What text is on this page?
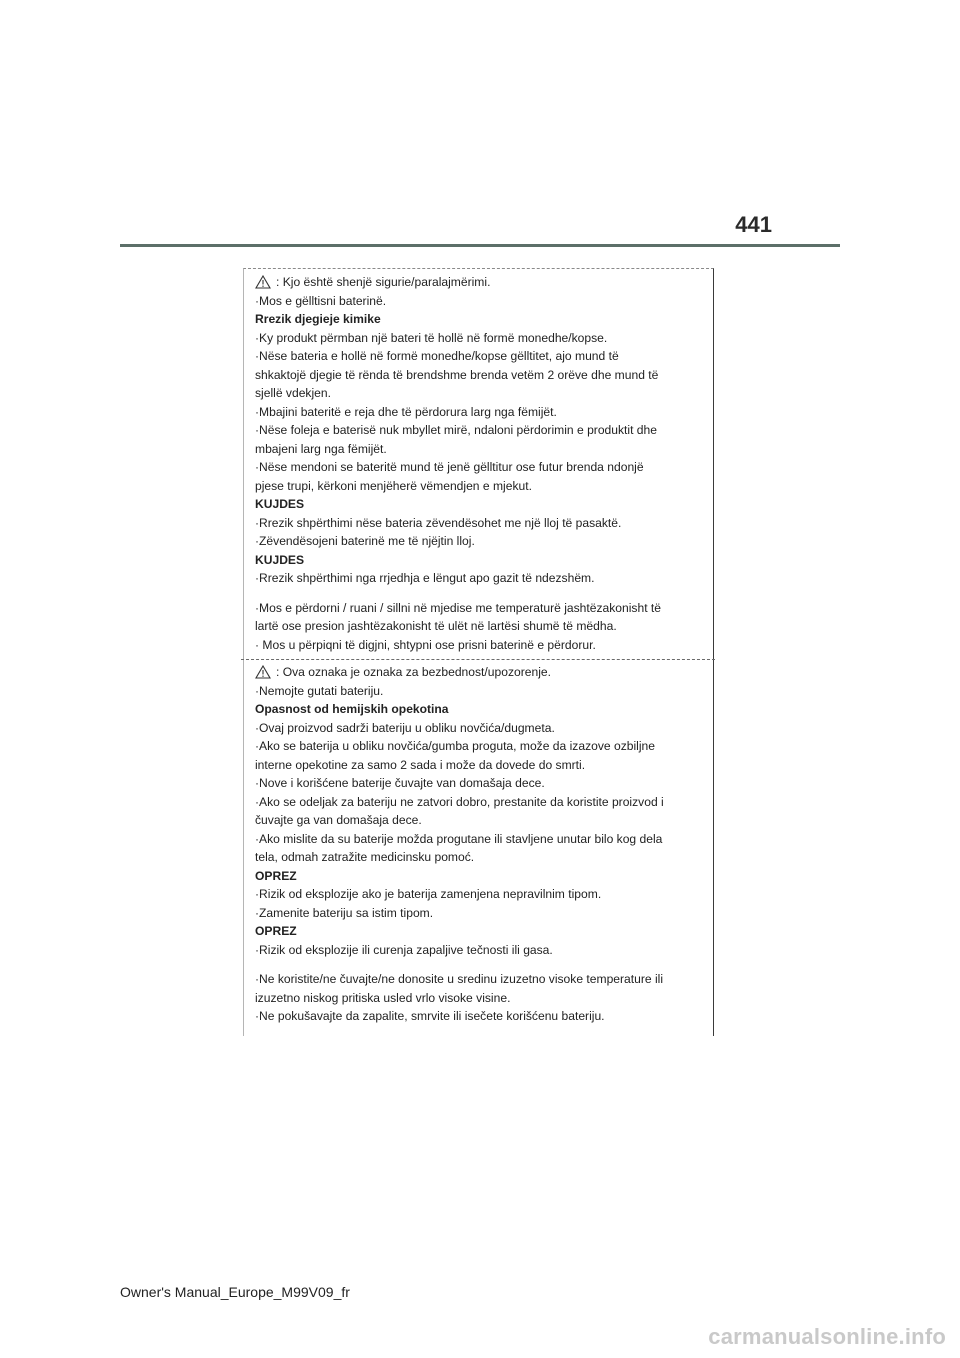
441
: Kjo është shenjë sigurie/paralajmërimi.
·Mos e gëlltisni baterinë.
Rrezik djegieje kimike
·Ky produkt përmban një bateri të hollë në formë monedhe/kopse.
·Nëse bateria e hollë në formë monedhe/kopse gëlltitet, ajo mund të
shkaktojë djegie të rënda të brendshme brenda vetëm 2 orëve dhe mund të
sjellë vdekjen.
·Mbajini bateritë e reja dhe të përdorura larg nga fëmijët.
·Nëse foleja e baterisë nuk mbyllet mirë, ndaloni përdorimin e produktit dhe
mbajeni larg nga fëmijët.
·Nëse mendoni se bateritë mund të jenë gëlltitur ose futur brenda ndonjë
pjese trupi, kërkoni menjëherë vëmendjen e mjekut.
KUJDES
·Rrezik shpërthimi nëse bateria zëvendësohet me një lloj të pasaktë.
·Zëvendësojeni baterinë me të njëjtin lloj.
KUJDES
·Rrezik shpërthimi nga rrjedhja e lëngut apo gazit të ndezshëm.
·Mos e përdorni / ruani / sillni në mjedise me temperaturë jashtëzakonisht të
lartë ose presion jashtëzakonisht të ulët në lartësi shumë të mëdha.
· Mos u përpiqni të digjni, shtypni ose prisni baterinë e përdorur.
: Ova oznaka je oznaka za bezbednost/upozorenje.
·Nemojte gutati bateriju.
Opasnost od hemijskih opekotina
·Ovaj proizvod sadrži bateriju u obliku novčića/dugmeta.
·Ako se baterija u obliku novčića/gumba proguta, može da izazove ozbiljne
interne opekotine za samo 2 sada i može da dovede do smrti.
·Nove i korišćene baterije čuvajte van domašaja dece.
·Ako se odeljak za bateriju ne zatvori dobro, prestanite da koristite proizvod i
čuvajte ga van domašaja dece.
·Ako mislite da su baterije možda progutane ili stavljene unutar bilo kog dela
tela, odmah zatražite medicinsku pomoć.
OPREZ
·Rizik od eksplozije ako je baterija zamenjena nepravilnim tipom.
·Zamenite bateriju sa istim tipom.
OPREZ
·Rizik od eksplozije ili curenja zapaljive tečnosti ili gasa.
·Ne koristite/ne čuvajte/ne donosite u sredinu izuzetno visoke temperature ili
izuzetno niskog pritiska usled vrlo visoke visine.
·Ne pokušavajte da zapalite, smrvite ili isečete korišćenu bateriju.
Owner's Manual_Europe_M99V09_fr
carmanualsonline.info
